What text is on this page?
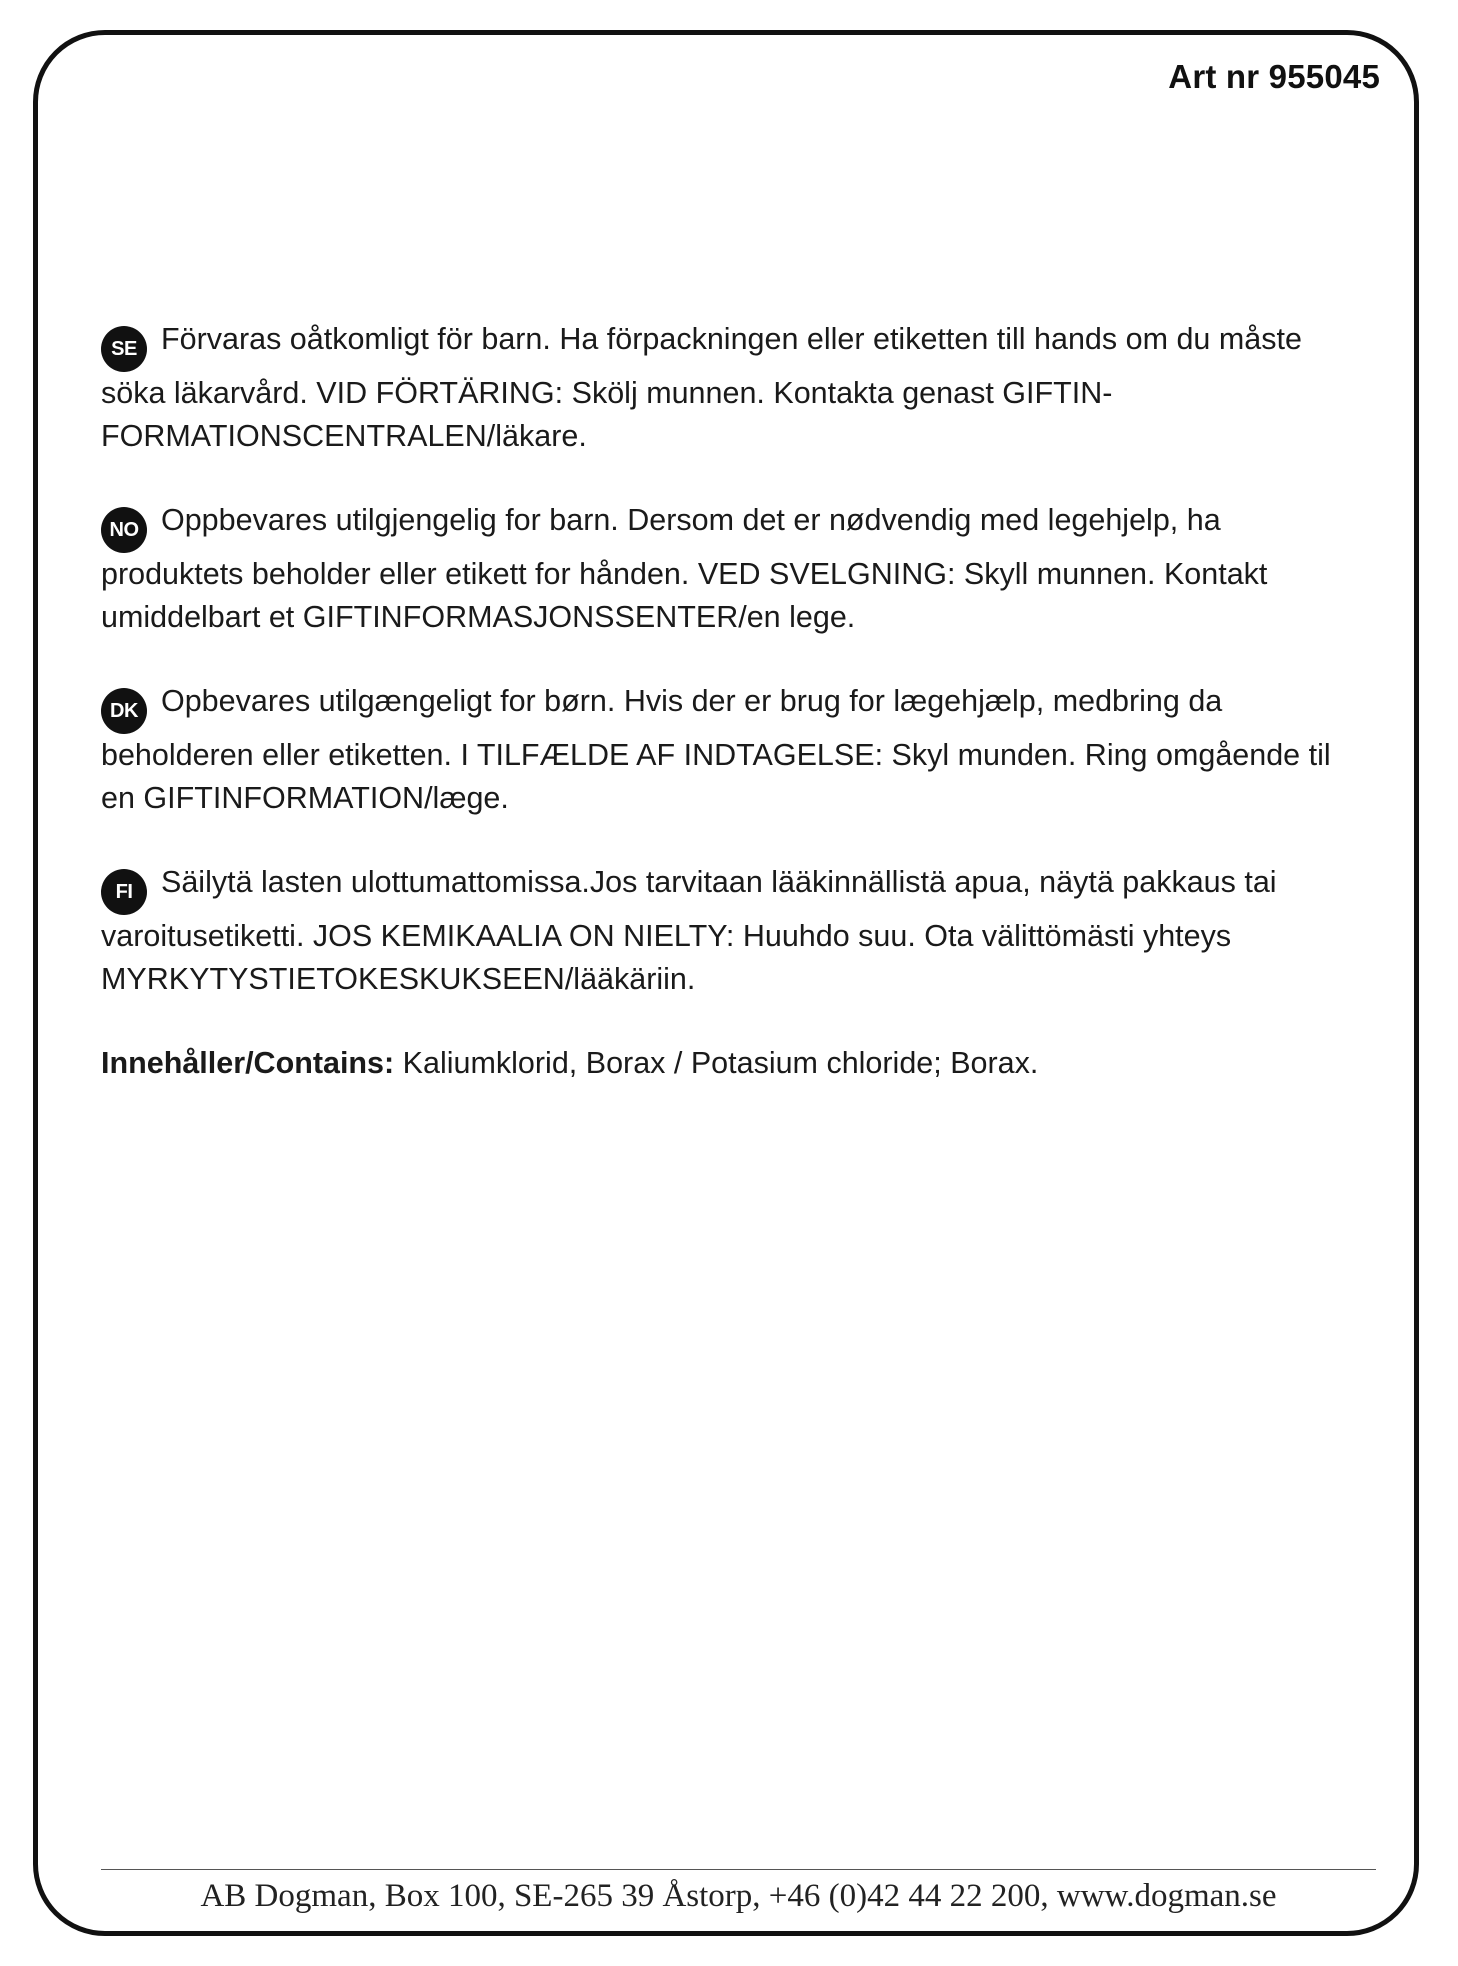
Art nr 955045

SE Förvaras oåtkomligt för barn. Ha förpackningen eller etiketten till hands om du måste söka läkarvård. VID FÖRTÄRING: Skölj munnen. Kontakta genast GIFTIN-FORMATIONSCENTRALEN/läkare.

NO Oppbevares utilgjengelig for barn. Dersom det er nødvendig med legehjelp, ha produktets beholder eller etikett for hånden. VED SVELGNING: Skyll munnen. Kontakt umiddelbart et GIFTINFORMASJONSSENTER/en lege.

DK Opbevares utilgængeligt for børn. Hvis der er brug for lægehjælp, medbring da beholderen eller etiketten. I TILFÆLDE AF INDTAGELSE: Skyl munden. Ring omgående til en GIFTINFORMATION/læge.

FI Säilytä lasten ulottumattomissa.Jos tarvitaan lääkinnällistä apua, näytä pakkaus tai varoitusetiketti. JOS KEMIKAALIA ON NIELTY: Huuhdo suu. Ota välittömästi yhteys MYRKYTYSTIETOKESKUKSEEN/lääkäriin.

Innehåller/Contains: Kaliumklorid, Borax / Potasium chloride; Borax.

AB Dogman, Box 100, SE-265 39 Åstorp, +46 (0)42 44 22 200, www.dogman.se
